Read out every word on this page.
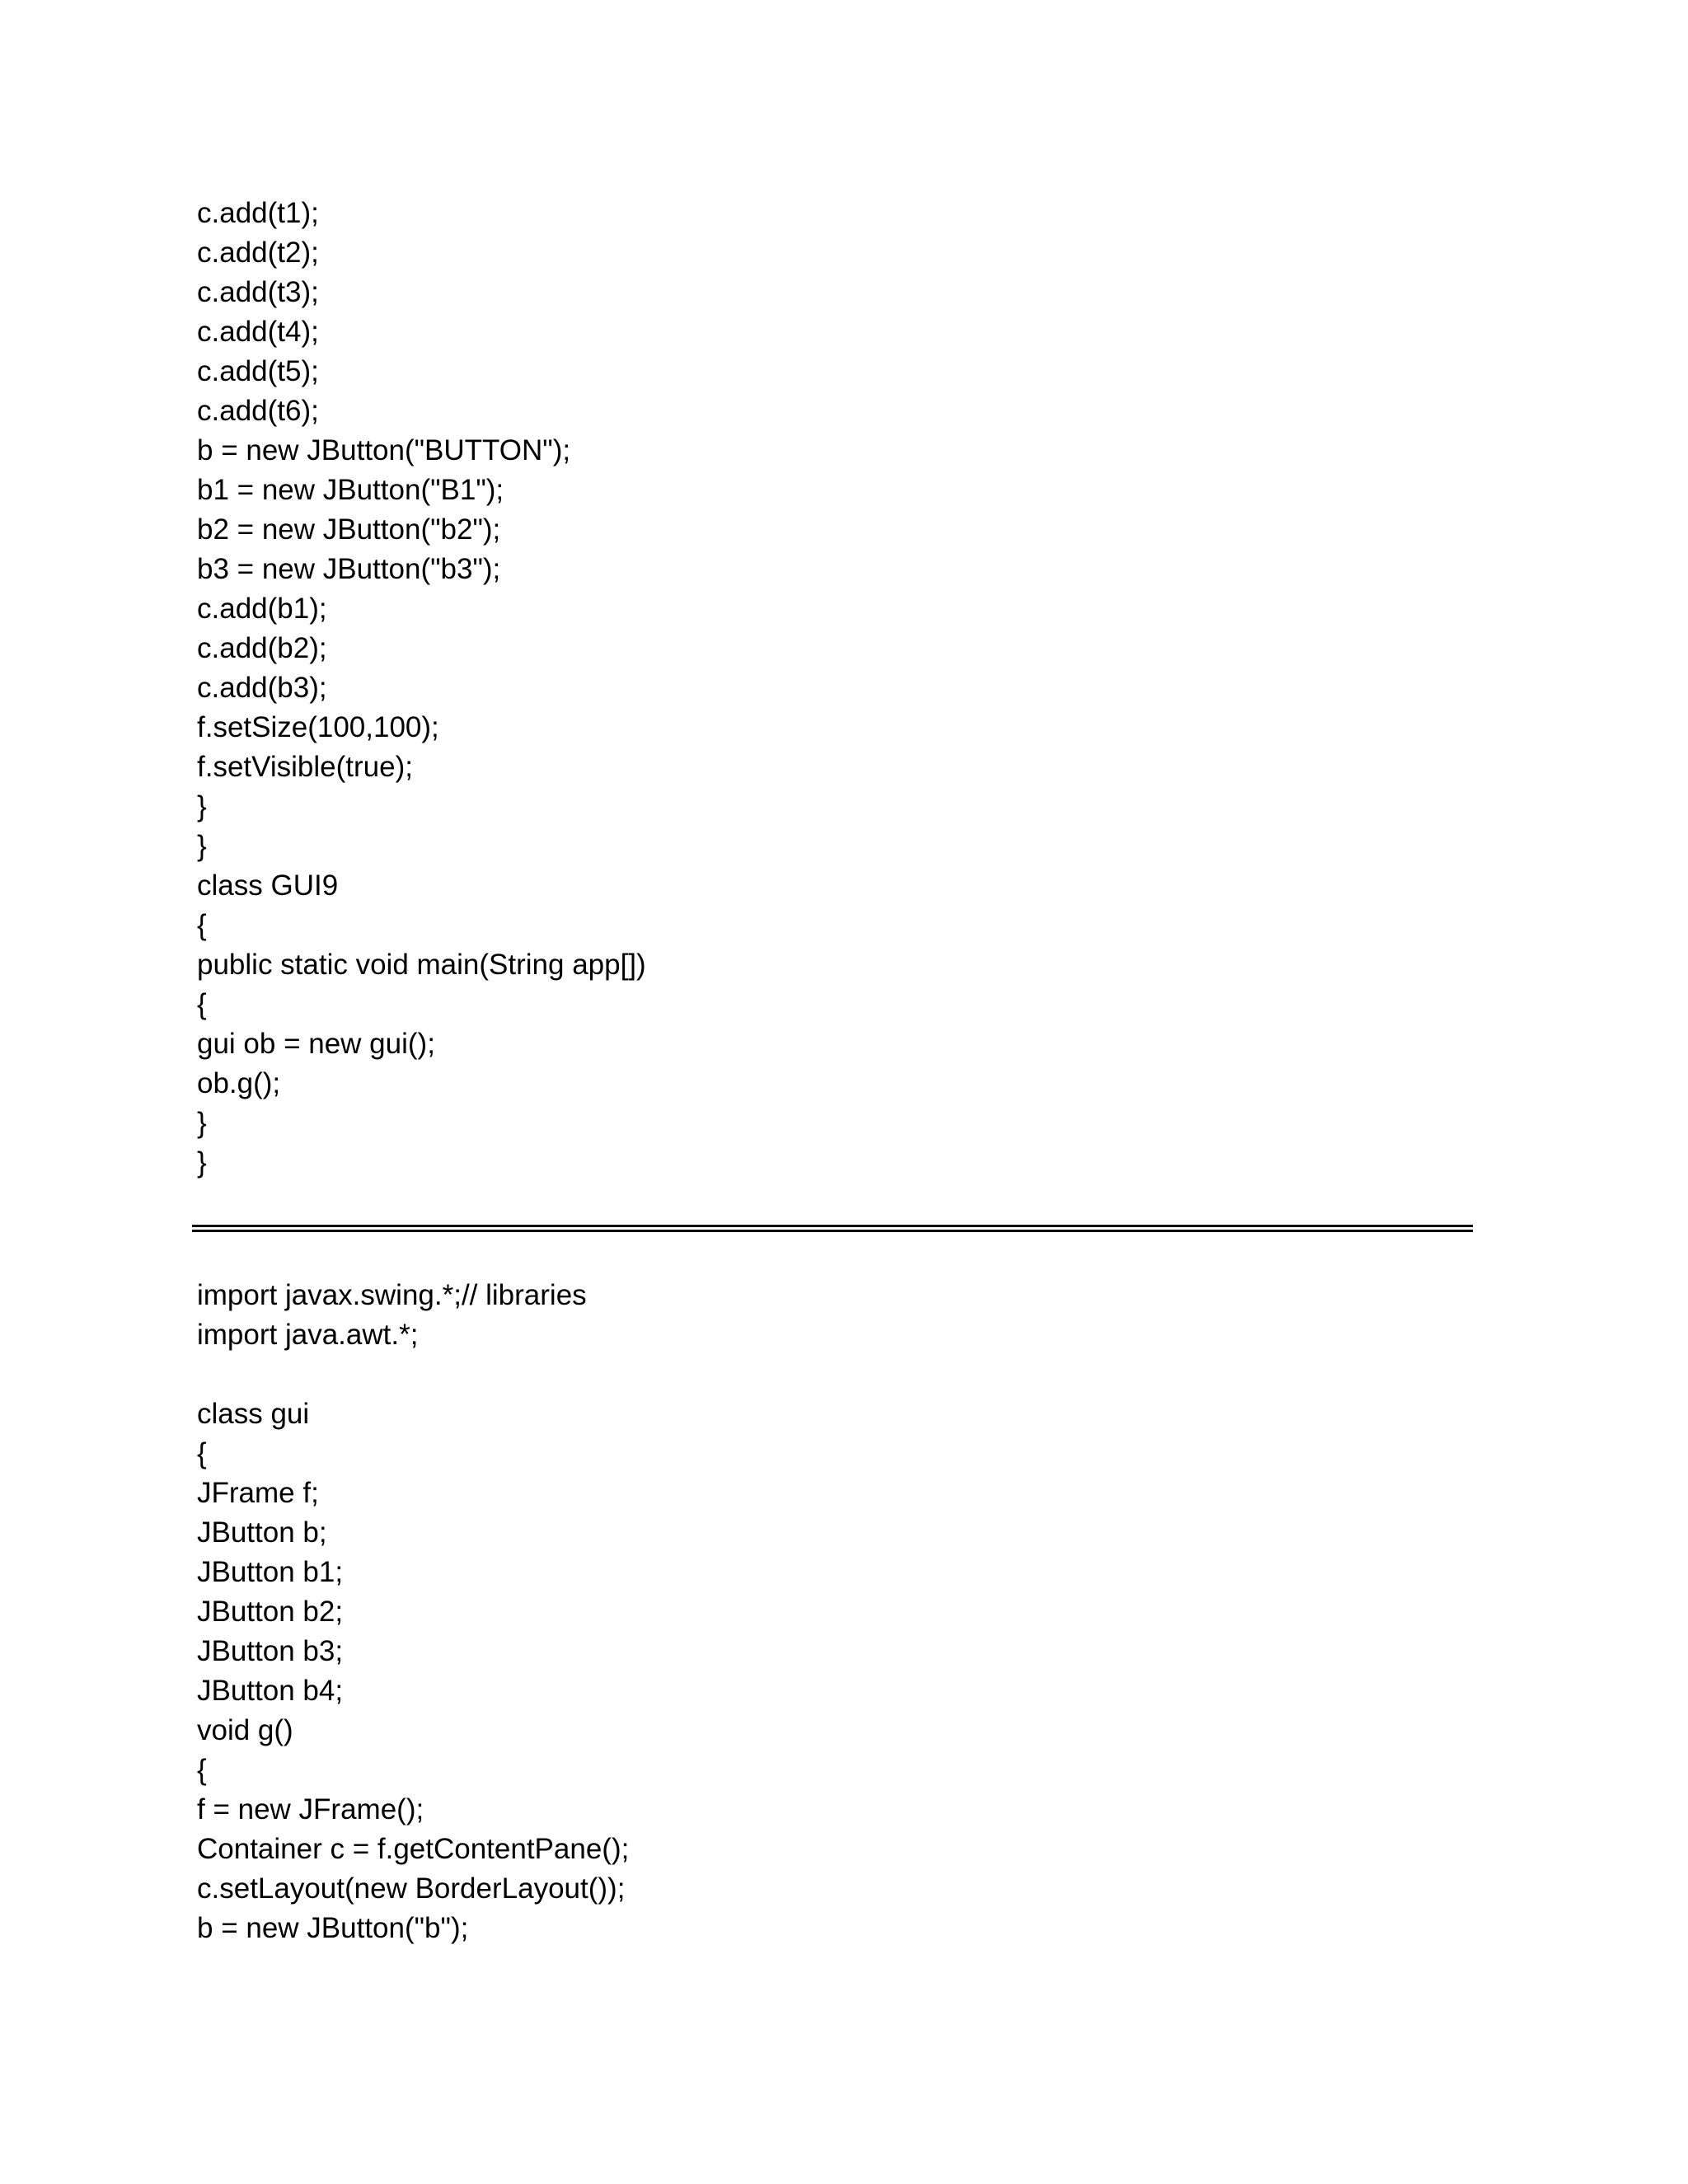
c.add(t1);
c.add(t2);
c.add(t3);
c.add(t4);
c.add(t5);
c.add(t6);
b = new JButton("BUTTON");
b1 = new JButton("B1");
b2 = new JButton("b2");
b3 = new JButton("b3");
c.add(b1);
c.add(b2);
c.add(b3);
f.setSize(100,100);
f.setVisible(true);
}
}
class GUI9
{
public static void main(String app[])
{
gui ob = new gui();
ob.g();
}
}
import javax.swing.*;// libraries
import java.awt.*;
class gui
{
JFrame f;
JButton b;
JButton b1;
JButton b2;
JButton b3;
JButton b4;
void g()
{
f = new JFrame();
Container c = f.getContentPane();
c.setLayout(new BorderLayout());
b = new JButton("b");
